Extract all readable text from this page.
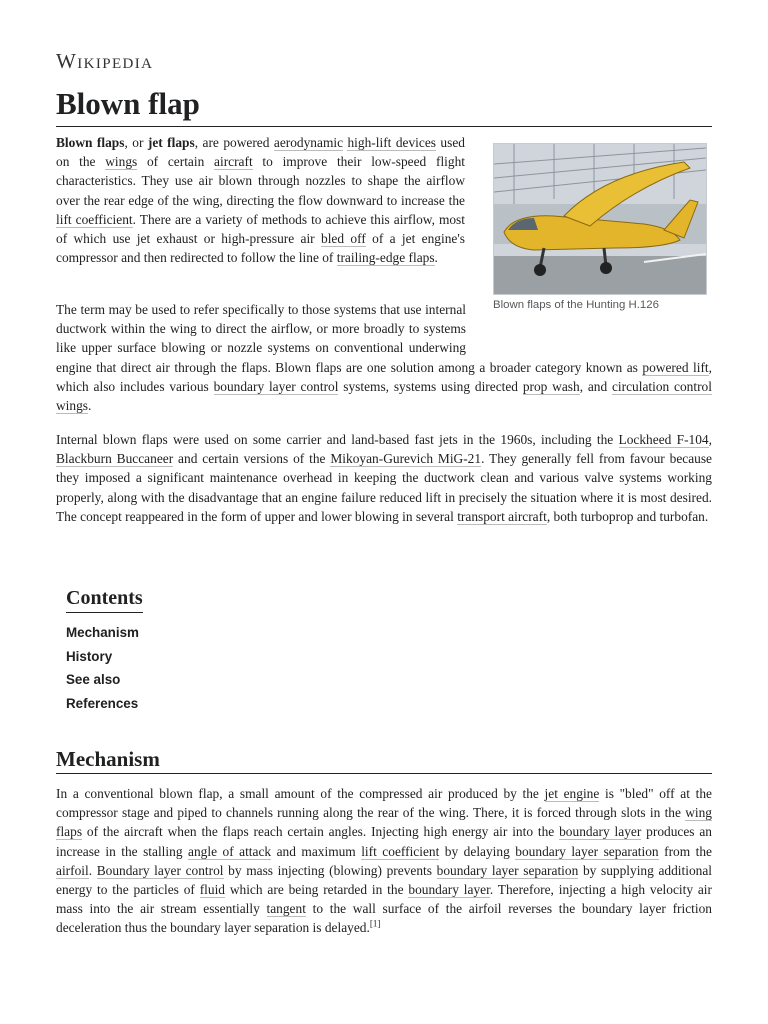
Wikipedia
Blown flap
Blown flaps of the Hunting H.126

Blown flaps, or jet flaps, are powered aerodynamic high-lift devices used on the wings of certain aircraft to improve their low-speed flight characteristics. They use air blown through nozzles to shape the airflow over the rear edge of the wing, directing the flow downward to increase the lift coefficient. There are a variety of methods to achieve this airflow, most of which use jet exhaust or high-pressure air bled off of a jet engine's compressor and then redirected to follow the line of trailing-edge flaps.

The term may be used to refer specifically to those systems that use internal ductwork within the wing to direct the airflow, or more broadly to systems like upper surface blowing or nozzle systems on conventional underwing engine that direct air through the flaps. Blown flaps are one solution among a broader category known as powered lift, which also includes various boundary layer control systems, systems using directed prop wash, and circulation control wings.

Internal blown flaps were used on some carrier and land-based fast jets in the 1960s, including the Lockheed F-104, Blackburn Buccaneer and certain versions of the Mikoyan-Gurevich MiG-21. They generally fell from favour because they imposed a significant maintenance overhead in keeping the ductwork clean and various valve systems working properly, along with the disadvantage that an engine failure reduced lift in precisely the situation where it is most desired. The concept reappeared in the form of upper and lower blowing in several transport aircraft, both turboprop and turbofan.

Contents
Mechanism
History
See also
References
Mechanism

In a conventional blown flap, a small amount of the compressed air produced by the jet engine is "bled" off at the compressor stage and piped to channels running along the rear of the wing. There, it is forced through slots in the wing flaps of the aircraft when the flaps reach certain angles. Injecting high energy air into the boundary layer produces an increase in the stalling angle of attack and maximum lift coefficient by delaying boundary layer separation from the airfoil. Boundary layer control by mass injecting (blowing) prevents boundary layer separation by supplying additional energy to the particles of fluid which are being retarded in the boundary layer. Therefore, injecting a high velocity air mass into the air stream essentially tangent to the wall surface of the airfoil reverses the boundary layer friction deceleration thus the boundary layer separation is delayed.[1]
